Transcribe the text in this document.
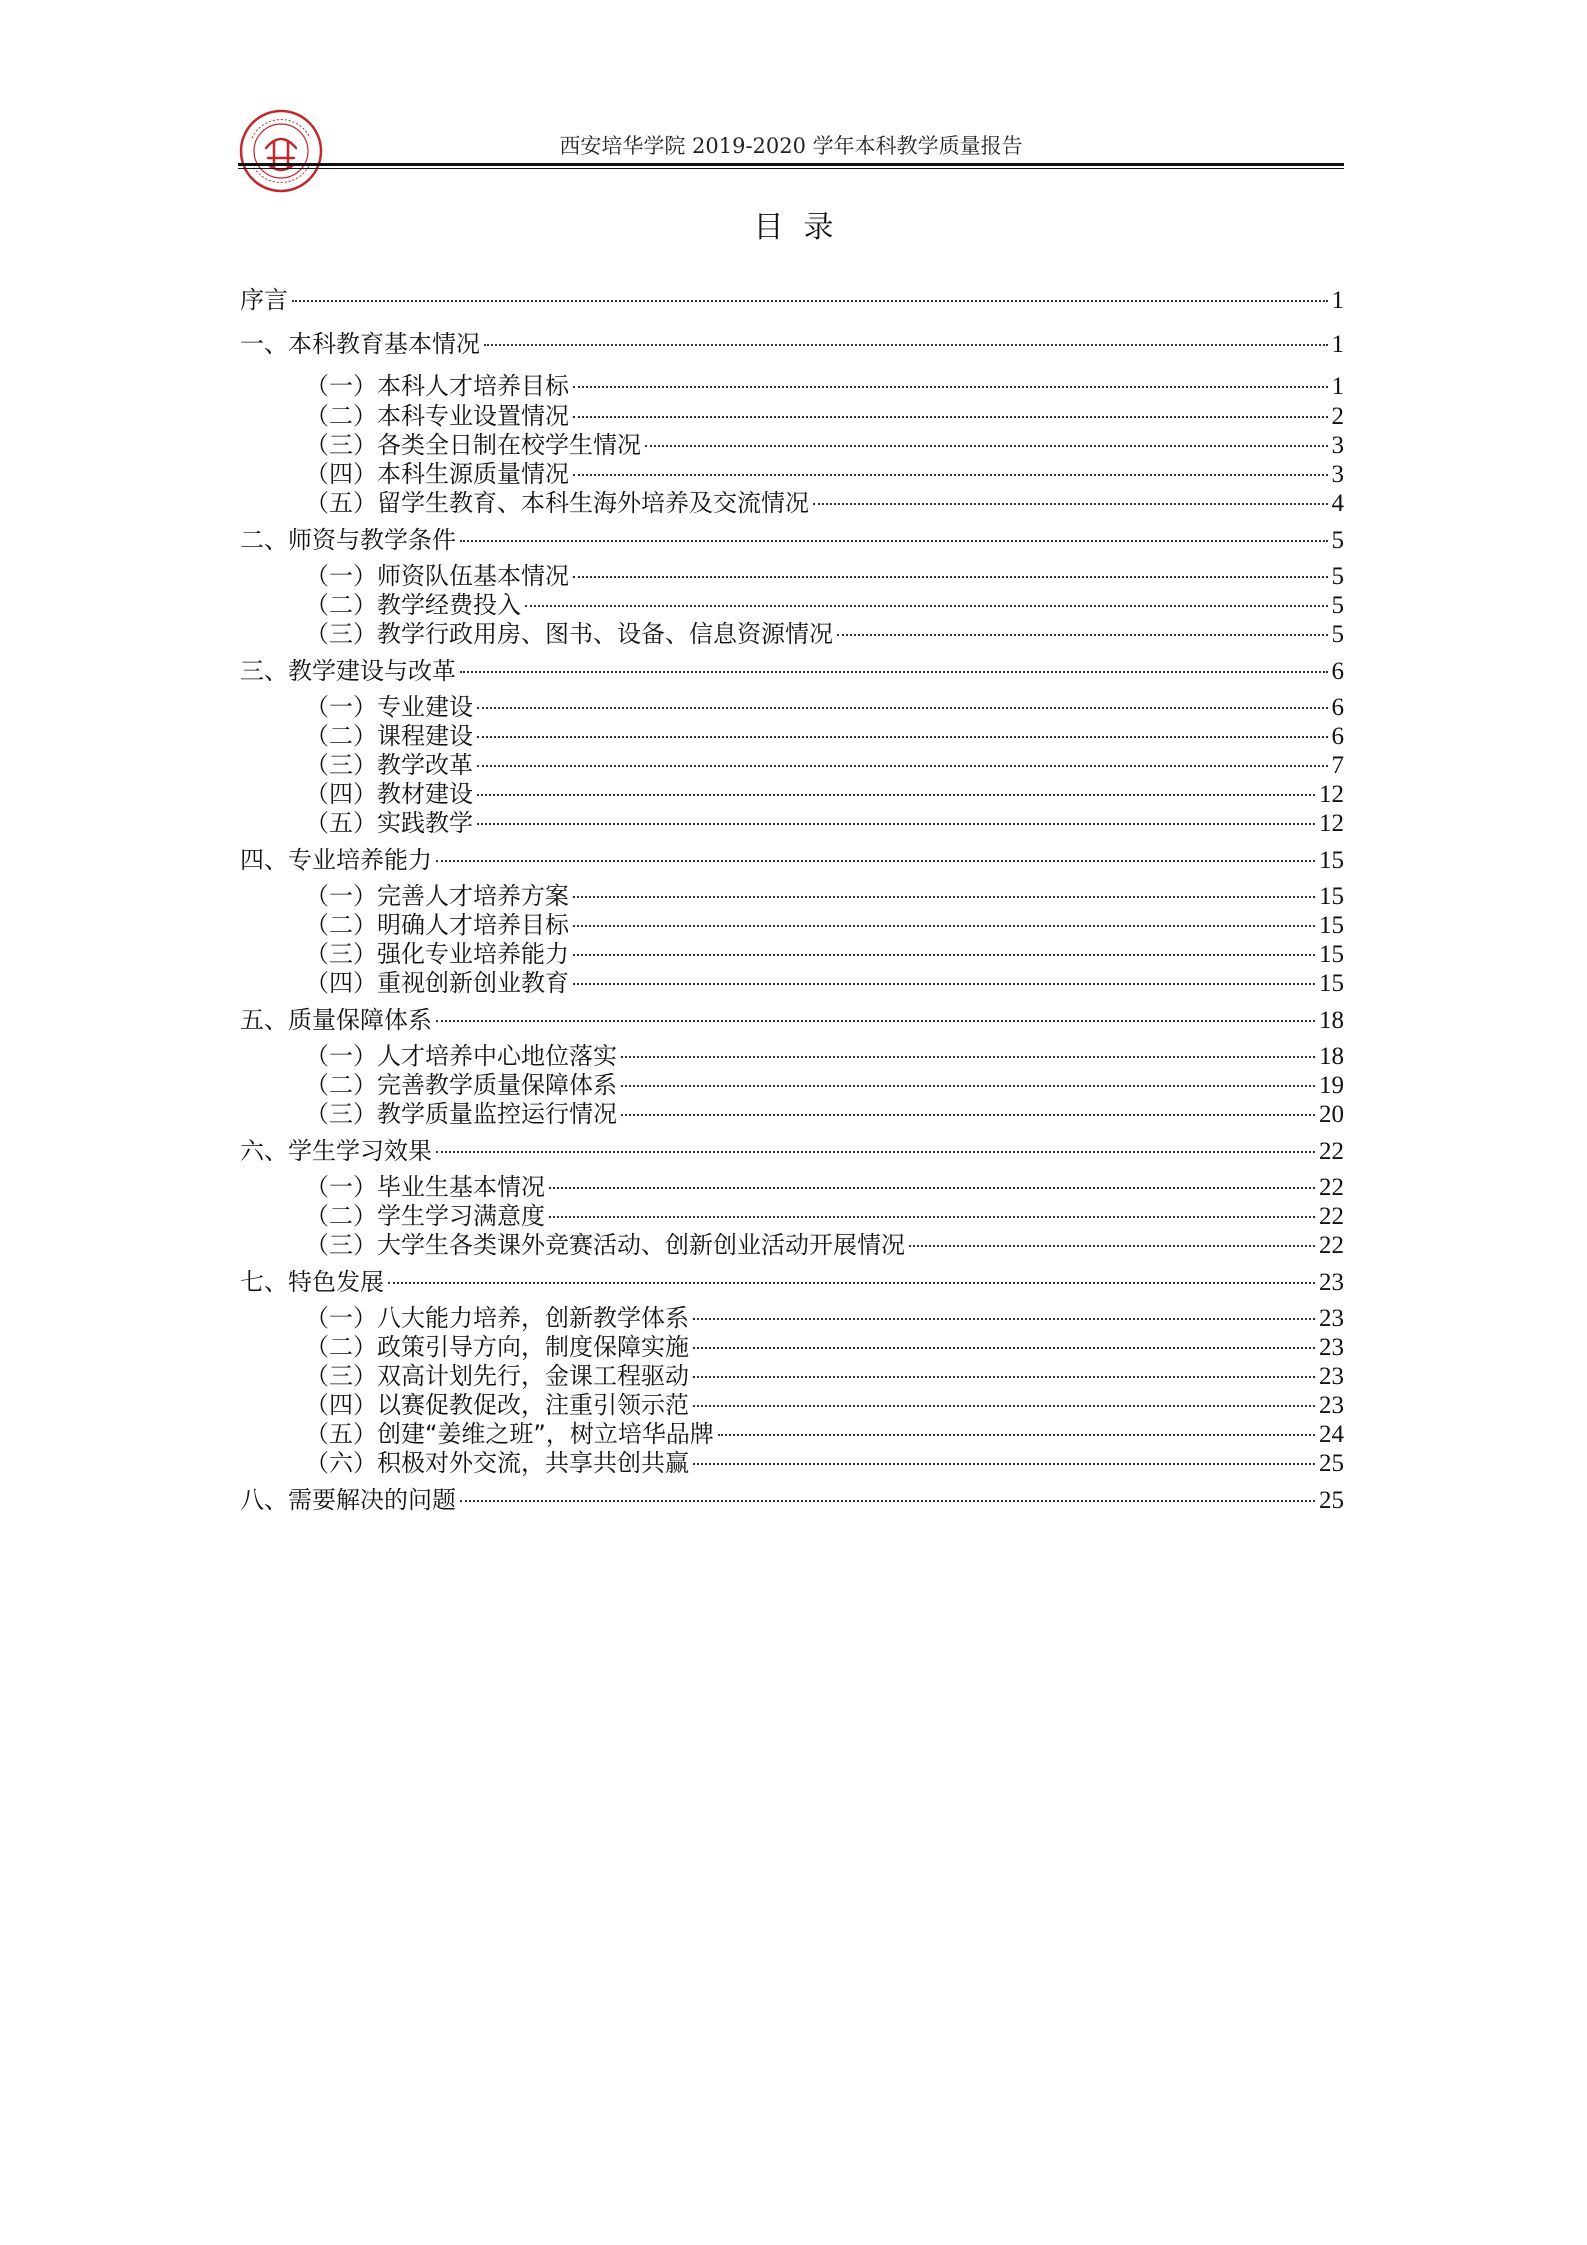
西安培华学院 2019-2020 学年本科教学质量报告
目录
序言	1
一、本科教育基本情况	1
（一）本科人才培养目标	1
（二）本科专业设置情况	2
（三）各类全日制在校学生情况	3
（四）本科生源质量情况	3
（五）留学生教育、本科生海外培养及交流情况	4
二、师资与教学条件	5
（一）师资队伍基本情况	5
（二）教学经费投入	5
（三）教学行政用房、图书、设备、信息资源情况	5
三、教学建设与改革	6
（一）专业建设	6
（二）课程建设	6
（三）教学改革	7
（四）教材建设	12
（五）实践教学	12
四、专业培养能力	15
（一）完善人才培养方案	15
（二）明确人才培养目标	15
（三）强化专业培养能力	15
（四）重视创新创业教育	15
五、质量保障体系	18
（一）人才培养中心地位落实	18
（二）完善教学质量保障体系	19
（三）教学质量监控运行情况	20
六、学生学习效果	22
（一）毕业生基本情况	22
（二）学生学习满意度	22
（三）大学生各类课外竞赛活动、创新创业活动开展情况	22
七、特色发展	23
（一）八大能力培养，创新教学体系	23
（二）政策引导方向，制度保障实施	23
（三）双高计划先行，金课工程驱动	23
（四）以赛促教促改，注重引领示范	23
（五）创建“姜维之班”，树立培华品牌	24
（六）积极对外交流，共享共创共赢	25
八、需要解决的问题	25
